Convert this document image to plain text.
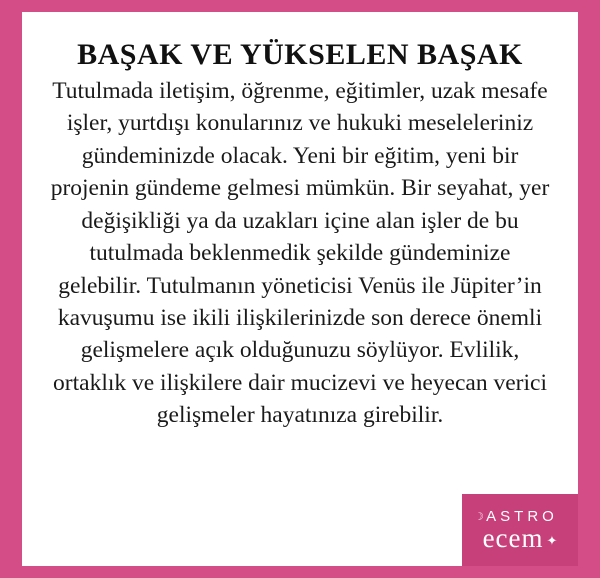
BAŞAK VE YÜKSELEN BAŞAK

Tutulmada iletişim, öğrenme, eğitimler, uzak mesafe işler, yurtdışı konularınız ve hukuki meseleleriniz gündeminizde olacak. Yeni bir eğitim, yeni bir projenin gündeme gelmesi mümkün. Bir seyahat, yer değişikliği ya da uzakları içine alan işler de bu tutulmada beklenmedik şekilde gündeminize gelebilir. Tutulmanın yöneticisi Venüs ile Jüpiter’in kavuşumu ise ikili ilişkilerinizde son derece önemli gelişmelere açık olduğunuzu söylüyor. Evlilik, ortaklık ve ilişkilere dair mucizevi ve heyecan verici gelişmeler hayatınıza girebilir.

☽ ASTRO
ecem ✦
